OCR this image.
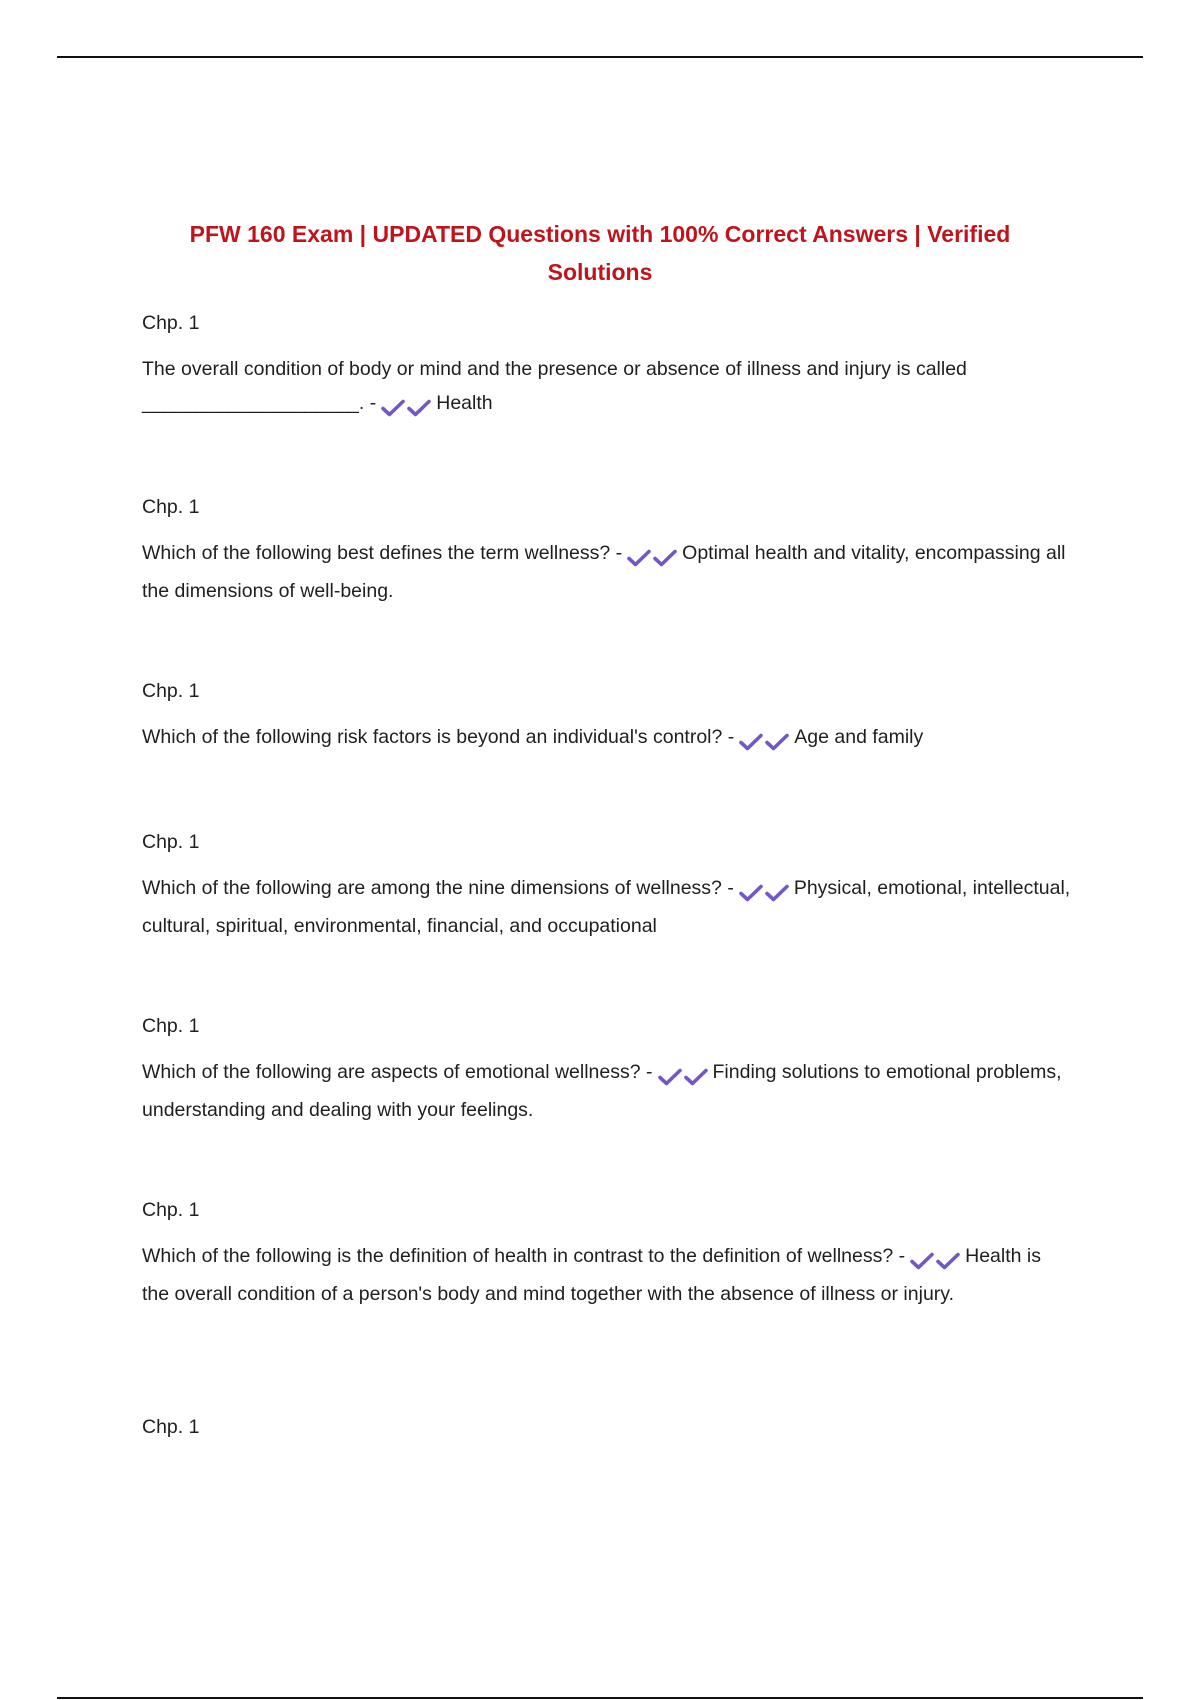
PFW 160 Exam | UPDATED Questions with 100% Correct Answers | Verified Solutions
Chp. 1
The overall condition of body or mind and the presence or absence of illness and injury is called ____________________. -	Health
Chp. 1
Which of the following best defines the term wellness? -	Optimal health and vitality, encompassing all the dimensions of well-being.
Chp. 1
Which of the following risk factors is beyond an individual's control? -	Age and family
Chp. 1
Which of the following are among the nine dimensions of wellness? -	Physical, emotional, intellectual, cultural, spiritual, environmental, financial, and occupational
Chp. 1
Which of the following are aspects of emotional wellness? -	Finding solutions to emotional problems, understanding and dealing with your feelings.
Chp. 1
Which of the following is the definition of health in contrast to the definition of wellness? -	Health is the overall condition of a person's body and mind together with the absence of illness or injury.
Chp. 1
